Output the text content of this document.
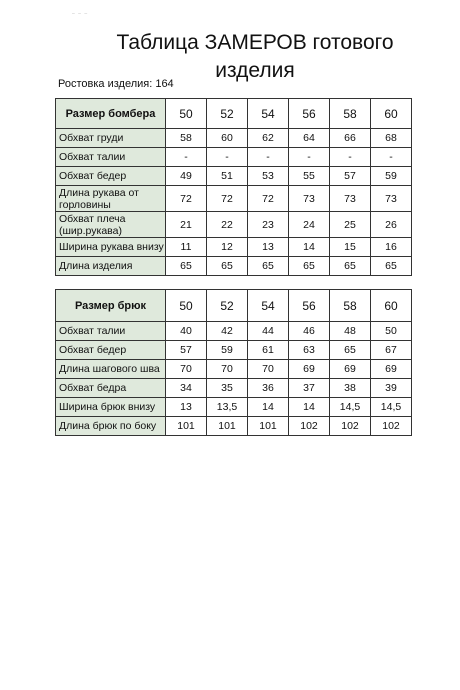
– – –
Таблица ЗАМЕРОВ готового
изделия
Ростовка изделия: 164
Размер бомбера	50	52	54	56	58	60
Обхват груди	58	60	62	64	66	68
Обхват талии	-	-	-	-	-	-
Обхват бедер	49	51	53	55	57	59
Длина рукава от горловины	72	72	72	73	73	73
Обхват плеча (шир.рукава)	21	22	23	24	25	26
Ширина рукава внизу	11	12	13	14	15	16
Длина изделия	65	65	65	65	65	65
Размер брюк	50	52	54	56	58	60
Обхват талии	40	42	44	46	48	50
Обхват бедер	57	59	61	63	65	67
Длина шагового шва	70	70	70	69	69	69
Обхват бедра	34	35	36	37	38	39
Ширина брюк внизу	13	13,5	14	14	14,5	14,5
Длина брюк по боку	101	101	101	102	102	102
